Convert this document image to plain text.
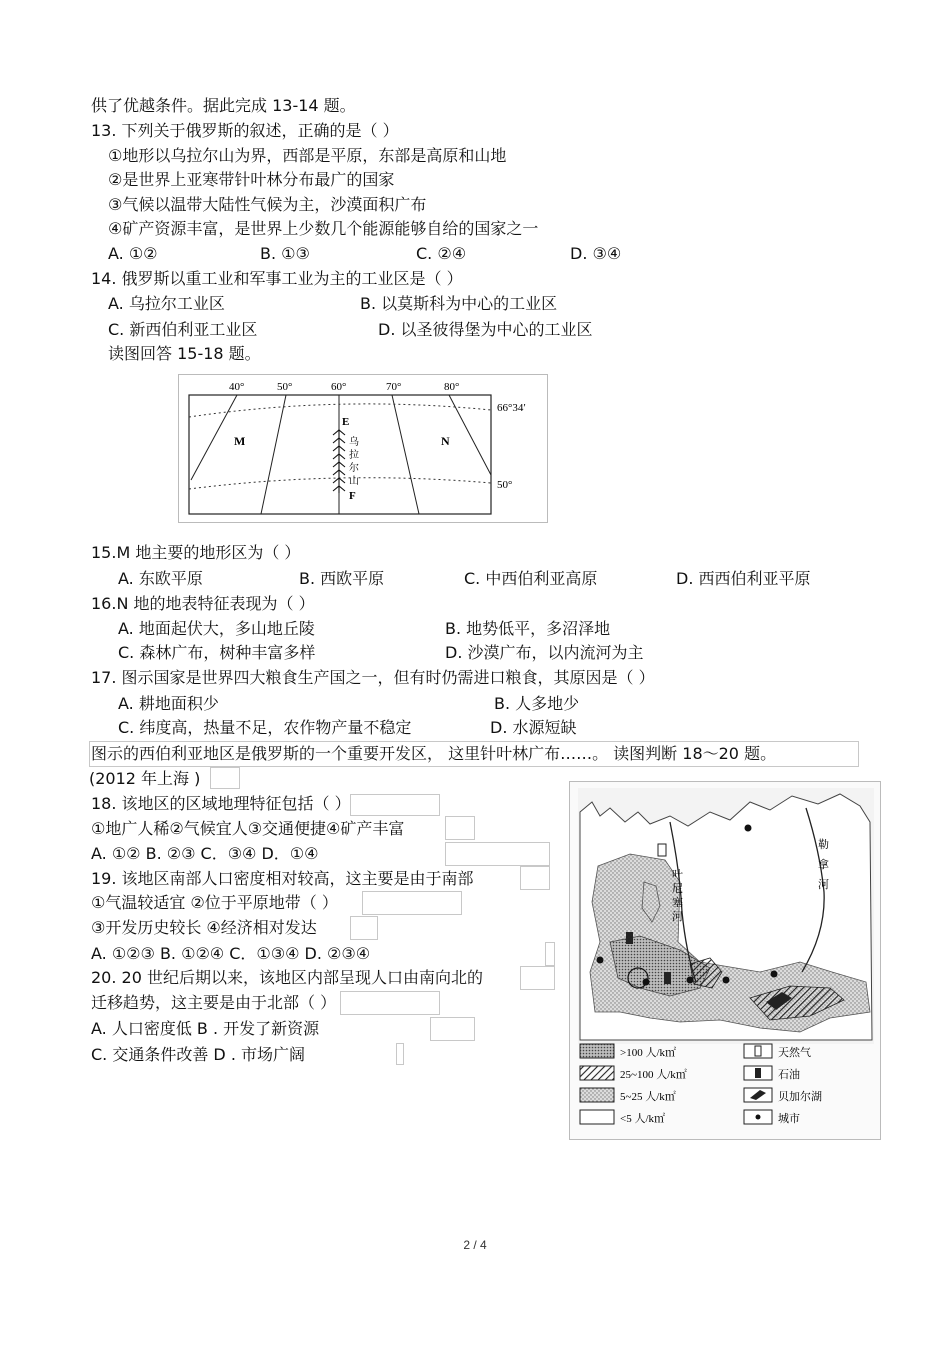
供了优越条件。据此完成 13-14 题。
13. 下列关于俄罗斯的叙述，正确的是（ ）
①地形以乌拉尔山为界，西部是平原，东部是高原和山地
②是世界上亚寒带针叶林分布最广的国家
③气候以温带大陆性气候为主，沙漠面积广布
④矿产资源丰富，是世界上少数几个能源能够自给的国家之一
A. ①②	B. ①③	C. ②④	D. ③④
14. 俄罗斯以重工业和军事工业为主的工业区是（ ）
A. 乌拉尔工业区	B. 以莫斯科为中心的工业区
C. 新西伯利亚工业区	D. 以圣彼得堡为中心的工业区
读图回答 15-18 题。
40°	50°	60°	70°	80°
66°34′
50°
M	N
E
F
乌
拉
尔
山
15.M 地主要的地形区为（ ）
A. 东欧平原	B. 西欧平原	C. 中西伯利亚高原	D. 西西伯利亚平原
16.N 地的地表特征表现为（ ）
A. 地面起伏大，多山地丘陵	B. 地势低平，多沼泽地
C. 森林广布，树种丰富多样	D. 沙漠广布，以内流河为主
17. 图示国家是世界四大粮食生产国之一，但有时仍需进口粮食，其原因是（ ）
A. 耕地面积少	B. 人多地少
C. 纬度高，热量不足，农作物产量不稳定	D. 水源短缺
图示的西伯利亚地区是俄罗斯的一个重要开发区， 这里针叶林广布……。 读图判断 18～20 题。
(2012 年上海 )
18. 该地区的区域地理特征包括（ ）
①地广人稀②气候宜人③交通便捷④矿产丰富
A. ①② B. ②③ C．③④ D．①④
19. 该地区南部人口密度相对较高，这主要是由于南部
①气温较适宜 ②位于平原地带（ ）
③开发历史较长 ④经济相对发达
A. ①②③ B. ①②④ C．①③④ D. ②③④
20. 20 世纪后期以来，该地区内部呈现人口由南向北的
迁移趋势，这主要是由于北部（ ）
A. 人口密度低 B . 开发了新资源
C. 交通条件改善 D . 市场广阔
叶
尼
塞
河
勒
拿
河
>100 人/k㎡
25~100 人/k㎡
5~25 人/k㎡
<5 人/k㎡
天然气
石油
贝加尔湖
城市
2 / 4
